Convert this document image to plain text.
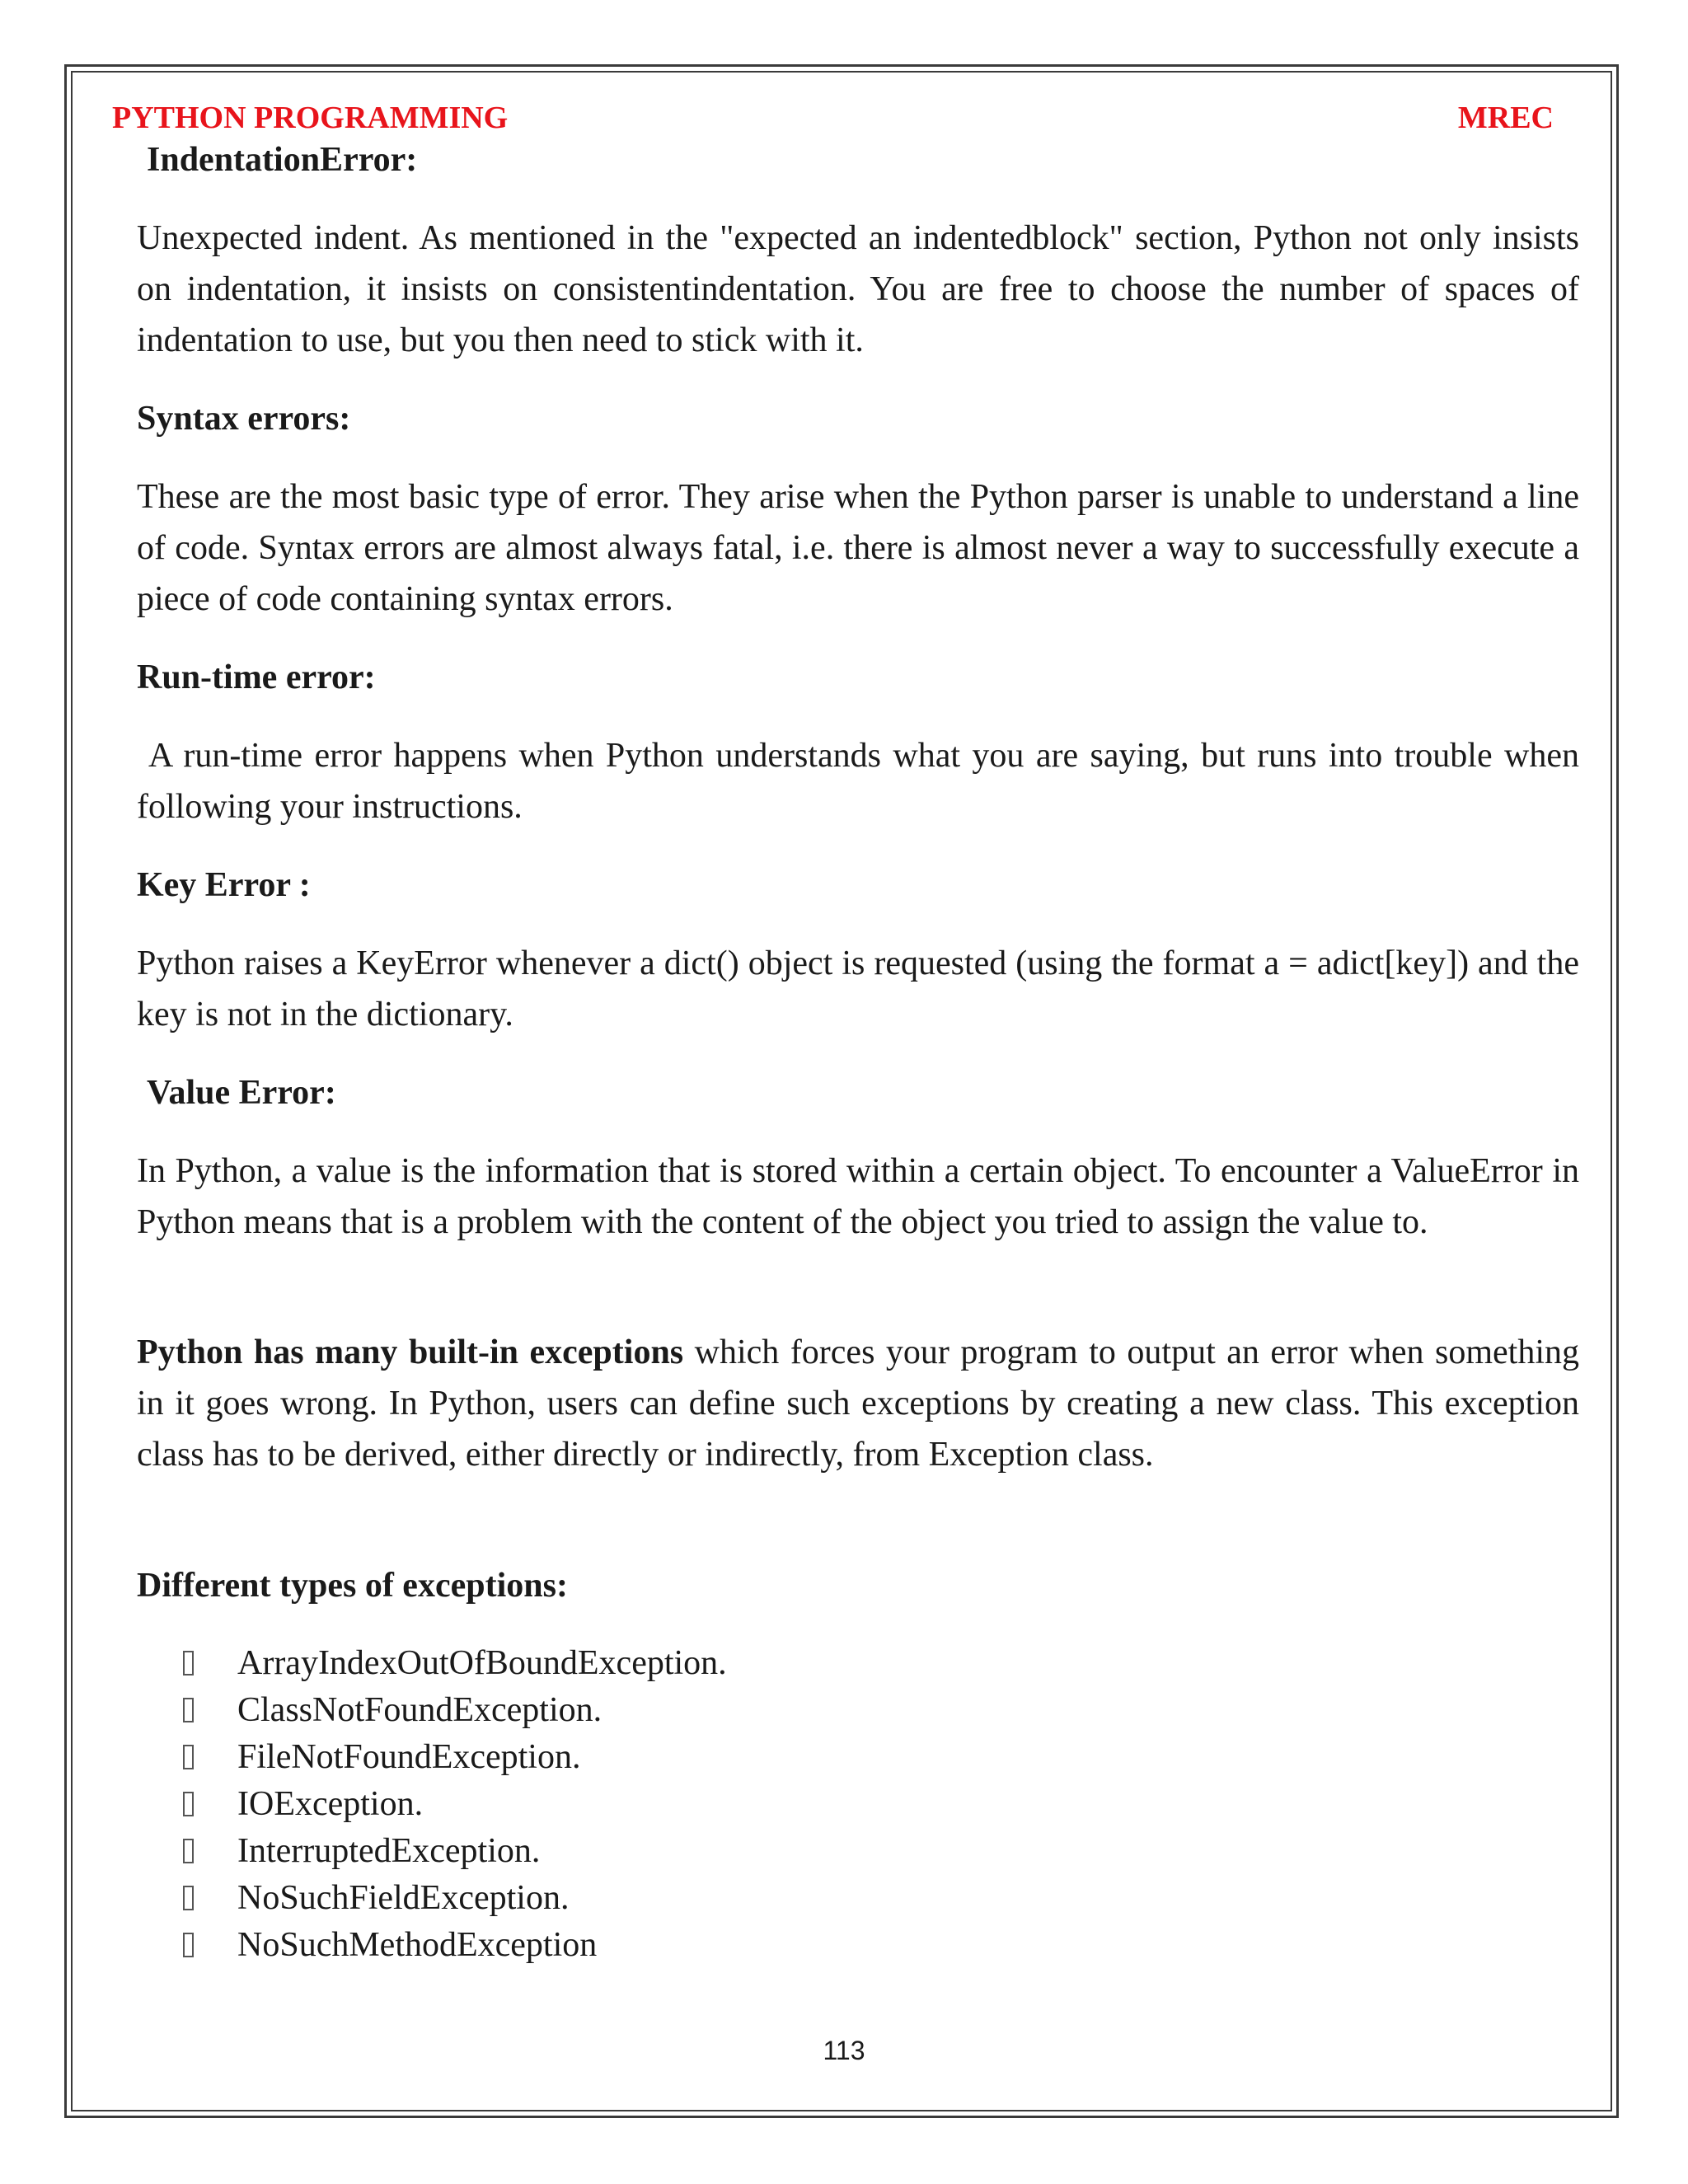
PYTHON PROGRAMMING	MREC
IndentationError:
Unexpected indent. As mentioned in the "expected an indentedblock" section, Python not only insists on indentation, it insists on consistentindentation. You are free to choose the number of spaces of indentation to use, but you then need to stick with it.
Syntax errors:
These are the most basic type of error. They arise when the Python parser is unable to understand a line of code. Syntax errors are almost always fatal, i.e. there is almost never a way to successfully execute a piece of code containing syntax errors.
Run-time error:
A run-time error happens when Python understands what you are saying, but runs into trouble when following your instructions.
Key Error :
Python raises a KeyError whenever a dict() object is requested (using the format a = adict[key]) and the key is not in the dictionary.
Value Error:
In Python, a value is the information that is stored within a certain object. To encounter a ValueError in Python means that is a problem with the content of the object you tried to assign the value to.
Python has many built-in exceptions which forces your program to output an error when something in it goes wrong. In Python, users can define such exceptions by creating a new class. This exception class has to be derived, either directly or indirectly, from Exception class.
Different types of exceptions:
ArrayIndexOutOfBoundException.
ClassNotFoundException.
FileNotFoundException.
IOException.
InterruptedException.
NoSuchFieldException.
NoSuchMethodException
113
